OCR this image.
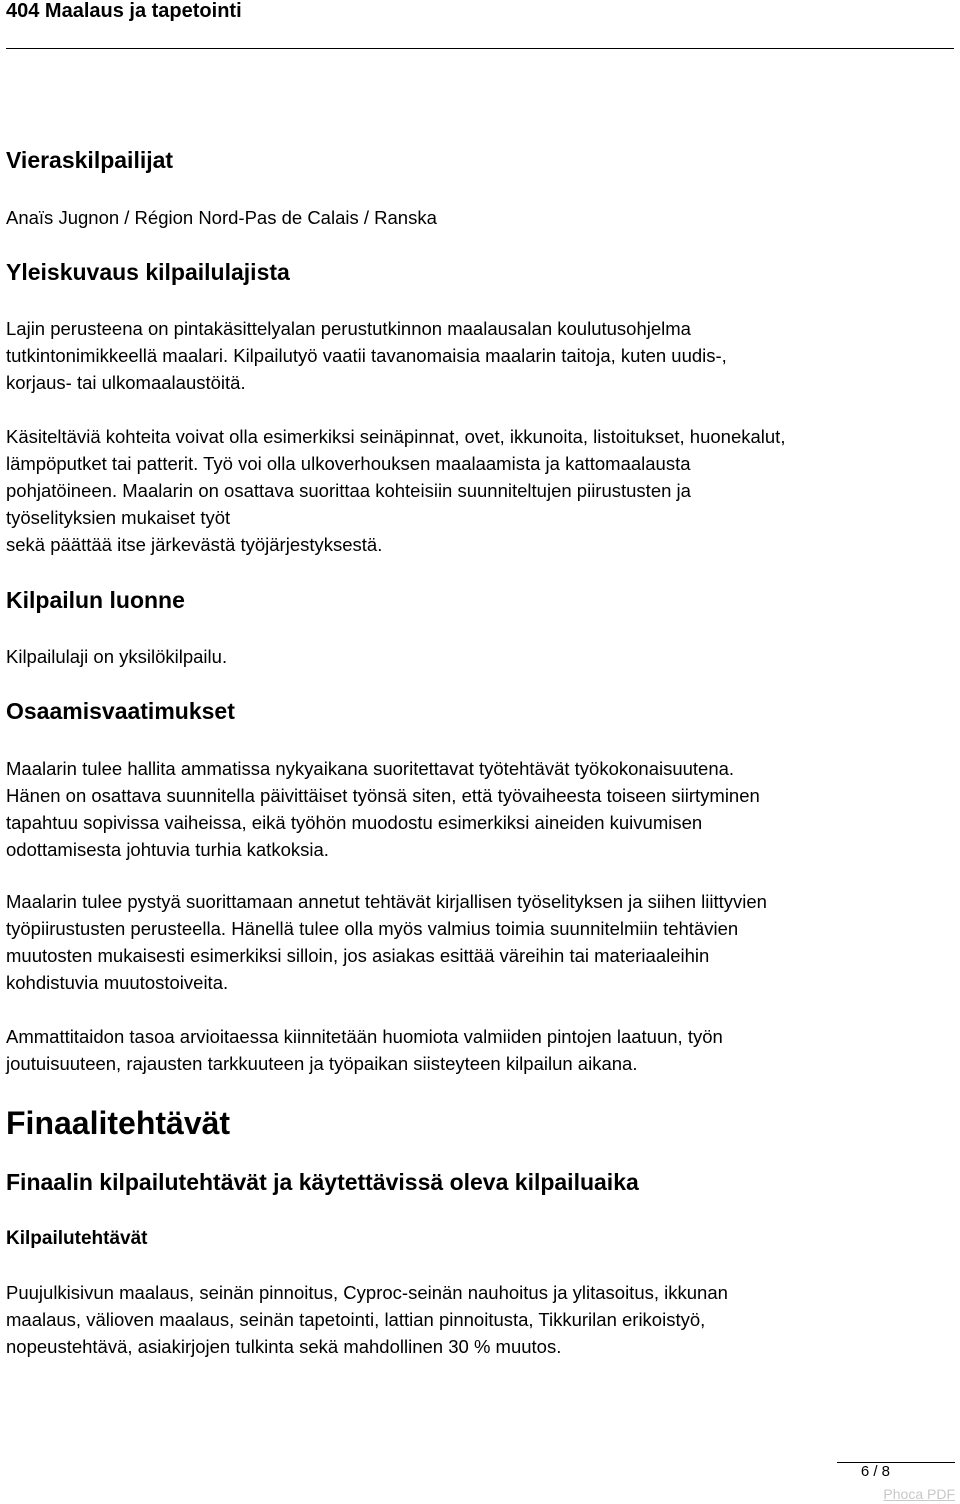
404 Maalaus ja tapetointi
Vieraskilpailijat
Anaïs Jugnon / Région Nord-Pas de Calais / Ranska
Yleiskuvaus kilpailulajista
Lajin perusteena on pintakäsittelyalan perustutkinnon maalausalan koulutusohjelma
tutkintonimikkeellä maalari. Kilpailutyö vaatii tavanomaisia maalarin taitoja, kuten uudis-,
korjaus- tai ulkomaalaustöitä.
Käsiteltäviä kohteita voivat olla esimerkiksi seinäpinnat, ovet, ikkunoita, listoitukset, huonekalut,
lämpöputket tai patterit. Työ voi olla ulkoverhouksen maalaamista ja kattomaalausta
pohjatöineen. Maalarin on osattava suorittaa kohteisiin suunniteltujen piirustusten ja
työselityksien mukaiset työt
sekä päättää itse järkevästä työjärjestyksestä.
Kilpailun luonne
Kilpailulaji on yksilökilpailu.
Osaamisvaatimukset
Maalarin tulee hallita ammatissa nykyaikana suoritettavat työtehtävät työkokonaisuutena.
Hänen on osattava suunnitella päivittäiset työnsä siten, että työvaiheesta toiseen siirtyminen
tapahtuu sopivissa vaiheissa, eikä työhön muodostu esimerkiksi aineiden kuivumisen
odottamisesta johtuvia turhia katkoksia.
Maalarin tulee pystyä suorittamaan annetut tehtävät kirjallisen työselityksen ja siihen liittyvien
työpiirustusten perusteella. Hänellä tulee olla myös valmius toimia suunnitelmiin tehtävien
muutosten mukaisesti esimerkiksi silloin, jos asiakas esittää väreihin tai materiaaleihin
kohdistuvia muutostoiveita.
Ammattitaidon tasoa arvioitaessa kiinnitetään huomiota valmiiden pintojen laatuun, työn
joutuisuuteen, rajausten tarkkuuteen ja työpaikan siisteyteen kilpailun aikana.
Finaalitehtävät
Finaalin kilpailutehtävät ja käytettävissä oleva kilpailuaika
Kilpailutehtävät
Puujulkisivun maalaus, seinän pinnoitus, Cyproc-seinän nauhoitus ja ylitasoitus, ikkunan
maalaus, välioven maalaus, seinän tapetointi, lattian pinnoitusta, Tikkurilan erikoistyö,
nopeustehtävä, asiakirjojen tulkinta sekä mahdollinen 30 % muutos.
6 / 8
Phoca PDF
